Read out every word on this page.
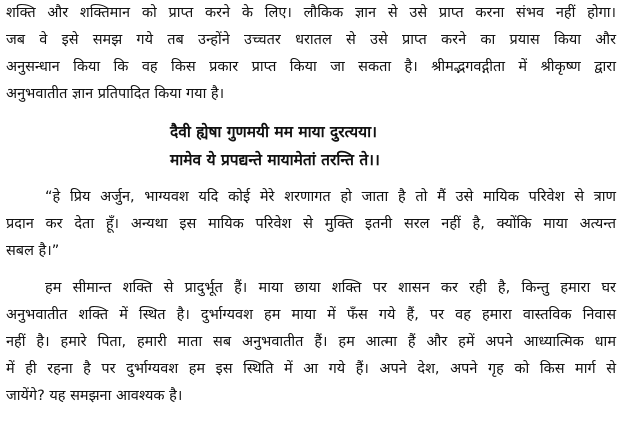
शक्ति और शक्तिमान को प्राप्त करने के लिए। लौकिक ज्ञान से उसे प्राप्त करना संभव नहीं होगा।
जब वे इसे समझ गये तब उन्होंने उच्चतर धरातल से उसे प्राप्त करने का प्रयास किया और
अनुसन्धान किया कि वह किस प्रकार प्राप्त किया जा सकता है। श्रीमद्भगवद्गीता में श्रीकृष्ण द्वारा
अनुभवातीत ज्ञान प्रतिपादित किया गया है।
दैवी ह्येषा गुणमयी मम माया दुरत्यया।
मामेव ये प्रपद्यन्ते मायामेतां तरन्ति ते।।
“हे प्रिय अर्जुन, भाग्यवश यदि कोई मेरे शरणागत हो जाता है तो मैं उसे मायिक परिवेश से त्राण
प्रदान कर देता हूँ। अन्यथा इस मायिक परिवेश से मुक्ति इतनी सरल नहीं है, क्योंकि माया अत्यन्त
सबल है।”
हम सीमान्त शक्ति से प्रादुर्भूत हैं। माया छाया शक्ति पर शासन कर रही है, किन्तु हमारा घर
अनुभवातीत शक्ति में स्थित है। दुर्भाग्यवश हम माया में फँस गये हैं, पर वह हमारा वास्तविक निवास
नहीं है। हमारे पिता, हमारी माता सब अनुभवातीत हैं। हम आत्मा हैं और हमें अपने आध्यात्मिक धाम
में ही रहना है पर दुर्भाग्यवश हम इस स्थिति में आ गये हैं। अपने देश, अपने गृह को किस मार्ग से
जायेंगे? यह समझना आवश्यक है।
